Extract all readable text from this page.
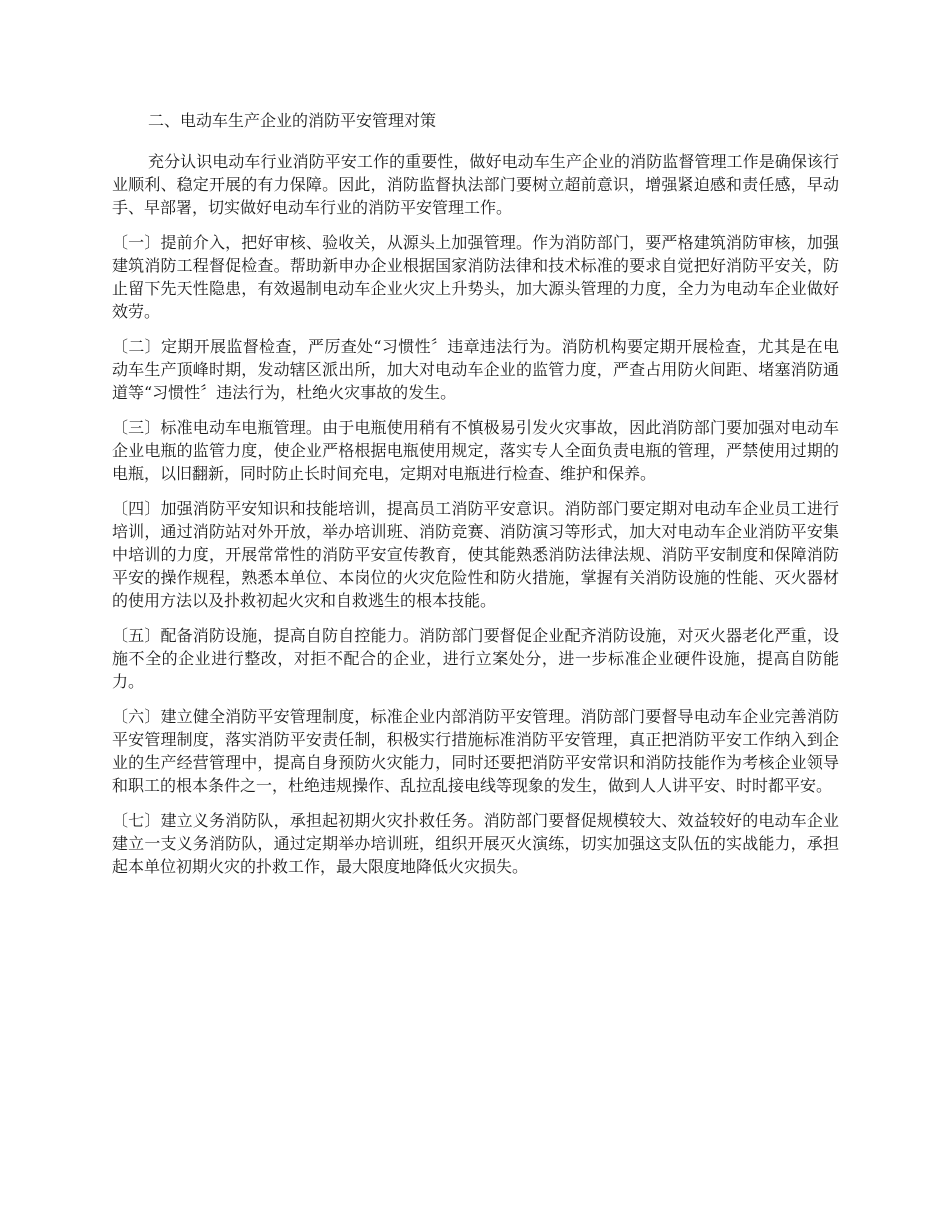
二、电动车生产企业的消防平安管理对策

充分认识电动车行业消防平安工作的重要性，做好电动车生产企业的消防监督管理工作是确保该行业顺利、稳定开展的有力保障。因此，消防监督执法部门要树立超前意识，增强紧迫感和责任感，早动手、早部署，切实做好电动车行业的消防平安管理工作。

〔一〕提前介入，把好审核、验收关，从源头上加强管理。作为消防部门，要严格建筑消防审核，加强建筑消防工程督促检查。帮助新申办企业根据国家消防法律和技术标准的要求自觉把好消防平安关，防止留下先天性隐患，有效遏制电动车企业火灾上升势头，加大源头管理的力度，全力为电动车企业做好效劳。

〔二〕定期开展监督检查，严厉查处“习惯性〞违章违法行为。消防机构要定期开展检查，尤其是在电动车生产顶峰时期，发动辖区派出所，加大对电动车企业的监管力度，严查占用防火间距、堵塞消防通道等“习惯性〞违法行为，杜绝火灾事故的发生。

〔三〕标准电动车电瓶管理。由于电瓶使用稍有不慎极易引发火灾事故，因此消防部门要加强对电动车企业电瓶的监管力度，使企业严格根据电瓶使用规定，落实专人全面负责电瓶的管理，严禁使用过期的电瓶，以旧翻新，同时防止长时间充电，定期对电瓶进行检查、维护和保养。

〔四〕加强消防平安知识和技能培训，提高员工消防平安意识。消防部门要定期对电动车企业员工进行培训，通过消防站对外开放，举办培训班、消防竞赛、消防演习等形式，加大对电动车企业消防平安集中培训的力度，开展常常性的消防平安宣传教育，使其能熟悉消防法律法规、消防平安制度和保障消防平安的操作规程，熟悉本单位、本岗位的火灾危险性和防火措施，掌握有关消防设施的性能、灭火器材的使用方法以及扑救初起火灾和自救逃生的根本技能。

〔五〕配备消防设施，提高自防自控能力。消防部门要督促企业配齐消防设施，对灭火器老化严重，设施不全的企业进行整改，对拒不配合的企业，进行立案处分，进一步标准企业硬件设施，提高自防能力。

〔六〕建立健全消防平安管理制度，标准企业内部消防平安管理。消防部门要督导电动车企业完善消防平安管理制度，落实消防平安责任制，积极实行措施标准消防平安管理，真正把消防平安工作纳入到企业的生产经营管理中，提高自身预防火灾能力，同时还要把消防平安常识和消防技能作为考核企业领导和职工的根本条件之一，杜绝违规操作、乱拉乱接电线等现象的发生，做到人人讲平安、时时都平安。

〔七〕建立义务消防队，承担起初期火灾扑救任务。消防部门要督促规模较大、效益较好的电动车企业建立一支义务消防队，通过定期举办培训班，组织开展灭火演练，切实加强这支队伍的实战能力，承担起本单位初期火灾的扑救工作，最大限度地降低火灾损失。
